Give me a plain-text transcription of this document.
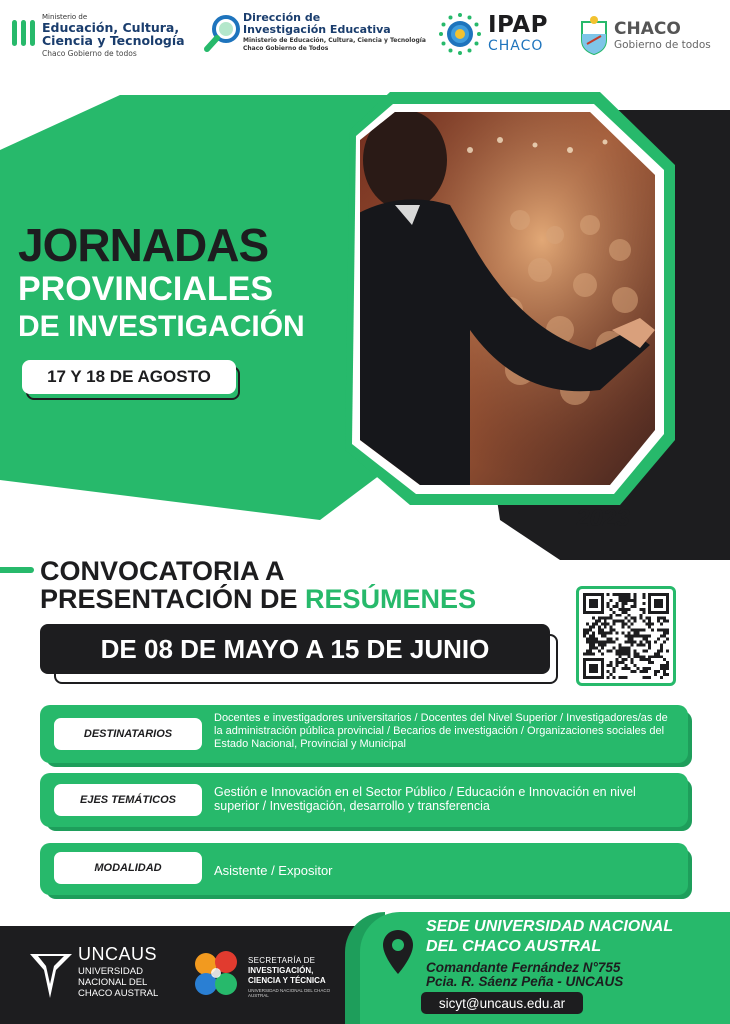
Ministerio de
Educación, Cultura, Ciencia y Tecnología
Chaco Gobierno de todos
Dirección de
Investigación Educativa
Ministerio de Educación, Cultura, Ciencia y Tecnología
Chaco Gobierno de Todos
IPAP
CHACO
CHACO
Gobierno de todos
JORNADAS
PROVINCIALES
DE INVESTIGACIÓN
17 Y 18 DE AGOSTO
2023
CONVOCATORIA A
PRESENTACIÓN DE RESÚMENES
DE 08 DE MAYO A 15 DE JUNIO
DESTINATARIOS
Docentes e investigadores universitarios / Docentes del Nivel Superior / Investigadores/as de la administración pública provincial / Becarios de investigación / Organizaciones sociales del Estado Nacional, Provincial y Municipal
EJES TEMÁTICOS
Gestión e Innovación en el Sector Público / Educación e Innovación en nivel superior / Investigación, desarrollo y transferencia
MODALIDAD	Asistente / Expositor
UNCAUS
UNIVERSIDAD
NACIONAL DEL
CHACO AUSTRAL
SECRETARÍA DE
INVESTIGACIÓN,
CIENCIA Y TÉCNICA
UNIVERSIDAD NACIONAL DEL CHACO AUSTRAL
SEDE UNIVERSIDAD NACIONAL
DEL CHACO AUSTRAL
Comandante Fernández N°755
Pcia. R. Sáenz Peña - UNCAUS
sicyt@uncaus.edu.ar
